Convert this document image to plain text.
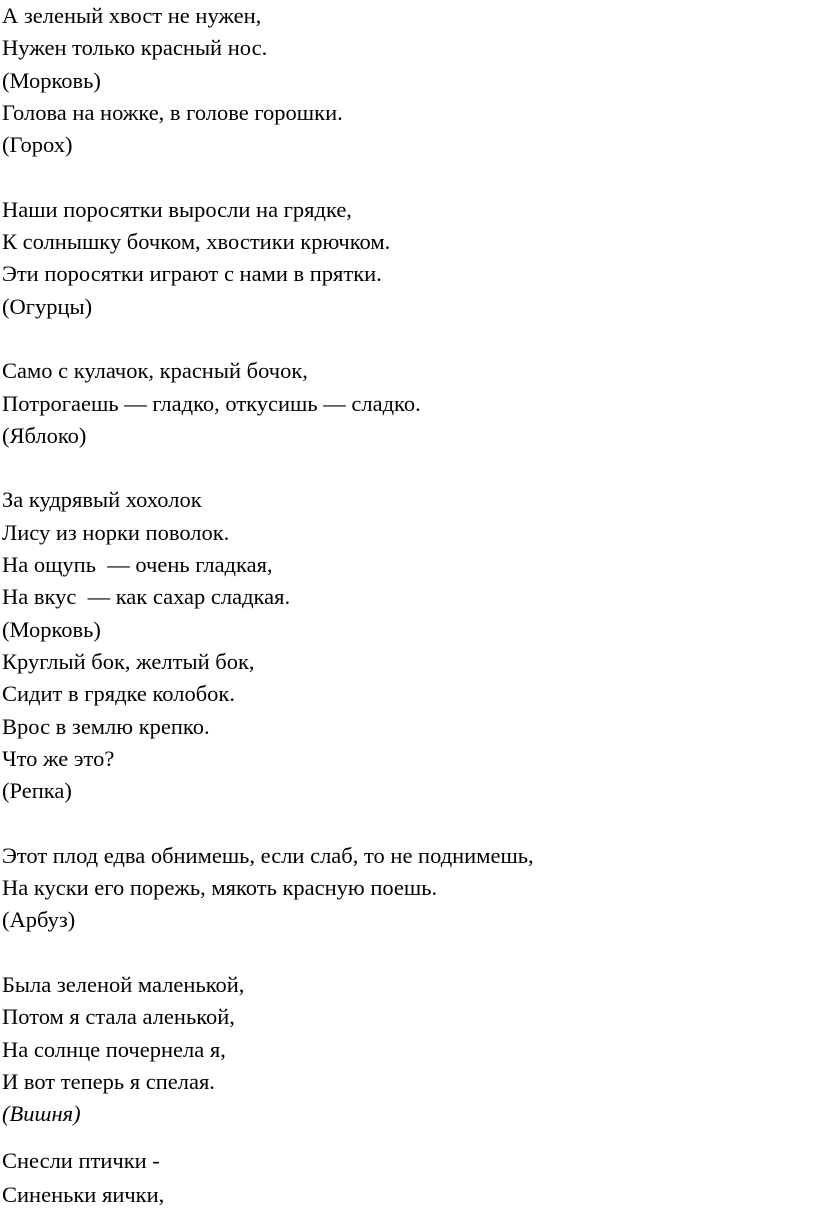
А зеленый хвост не нужен,
Нужен только красный нос.
(Морковь)
Голова на ножке, в голове горошки.
(Горох)
Наши поросятки выросли на грядке,
К солнышку бочком, хвостики крючком.
Эти поросятки играют с нами в прятки.
(Огурцы)
Само с кулачок, красный бочок,
Потрогаешь — гладко, откусишь — сладко.
(Яблоко)
За кудрявый хохолок
Лису из норки поволок.
На ощупь  — очень гладкая,
На вкус  — как сахар сладкая.
(Морковь)
Круглый бок, желтый бок,
Сидит в грядке колобок.
Врос в землю крепко.
Что же это?
(Репка)
Этот плод едва обнимешь, если слаб, то не поднимешь,
На куски его порежь, мякоть красную поешь.
(Арбуз)
Была зеленой маленькой,
Потом я стала аленькой,
На солнце почернела я,
И вот теперь я спелая.
(Вишня)
Снесли птички -
Синеньки яички,
